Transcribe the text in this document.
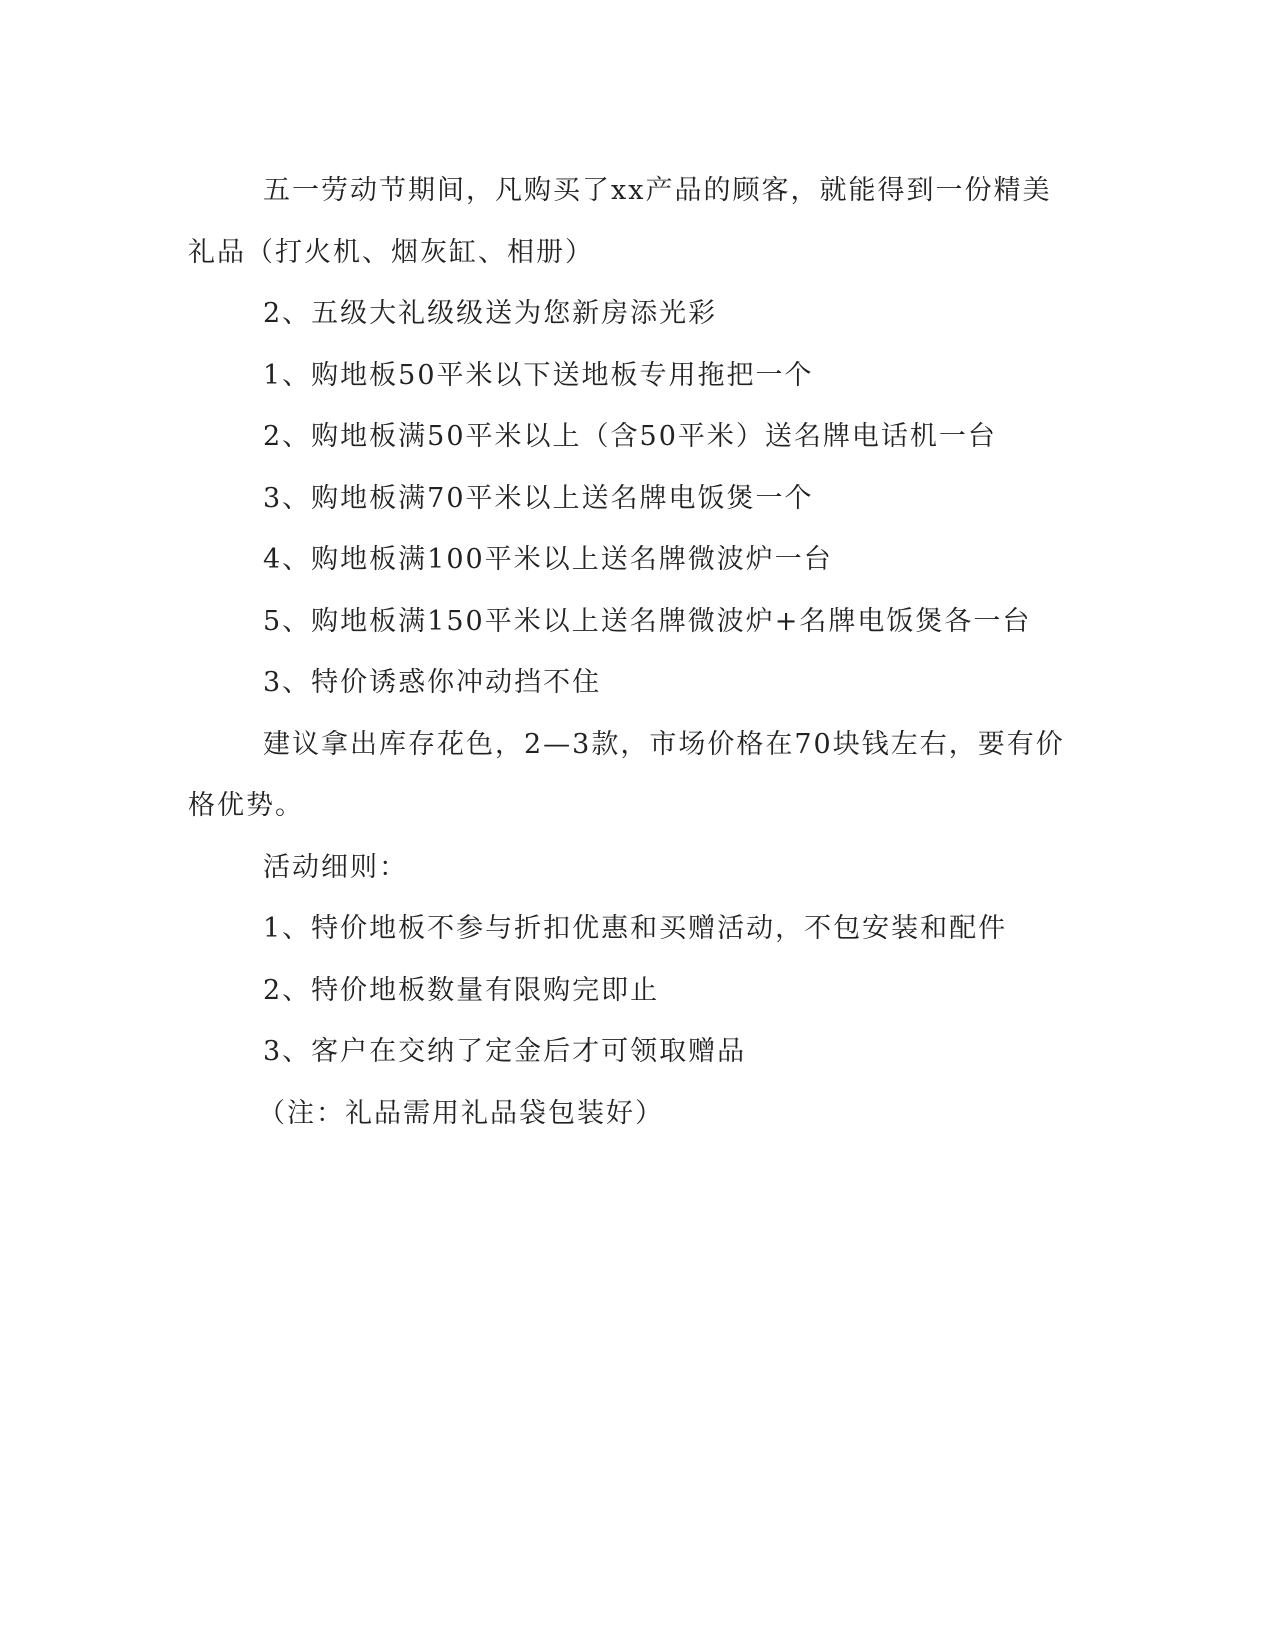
五一劳动节期间，凡购买了xx产品的顾客，就能得到一份精美礼品（打火机、烟灰缸、相册）

2、五级大礼级级送为您新房添光彩

1、购地板50平米以下送地板专用拖把一个

2、购地板满50平米以上（含50平米）送名牌电话机一台

3、购地板满70平米以上送名牌电饭煲一个

4、购地板满100平米以上送名牌微波炉一台

5、购地板满150平米以上送名牌微波炉+名牌电饭煲各一台

3、特价诱惑你冲动挡不住

建议拿出库存花色，2—3款，市场价格在70块钱左右，要有价格优势。

活动细则：

1、特价地板不参与折扣优惠和买赠活动，不包安装和配件

2、特价地板数量有限购完即止

3、客户在交纳了定金后才可领取赠品

（注：礼品需用礼品袋包装好）
